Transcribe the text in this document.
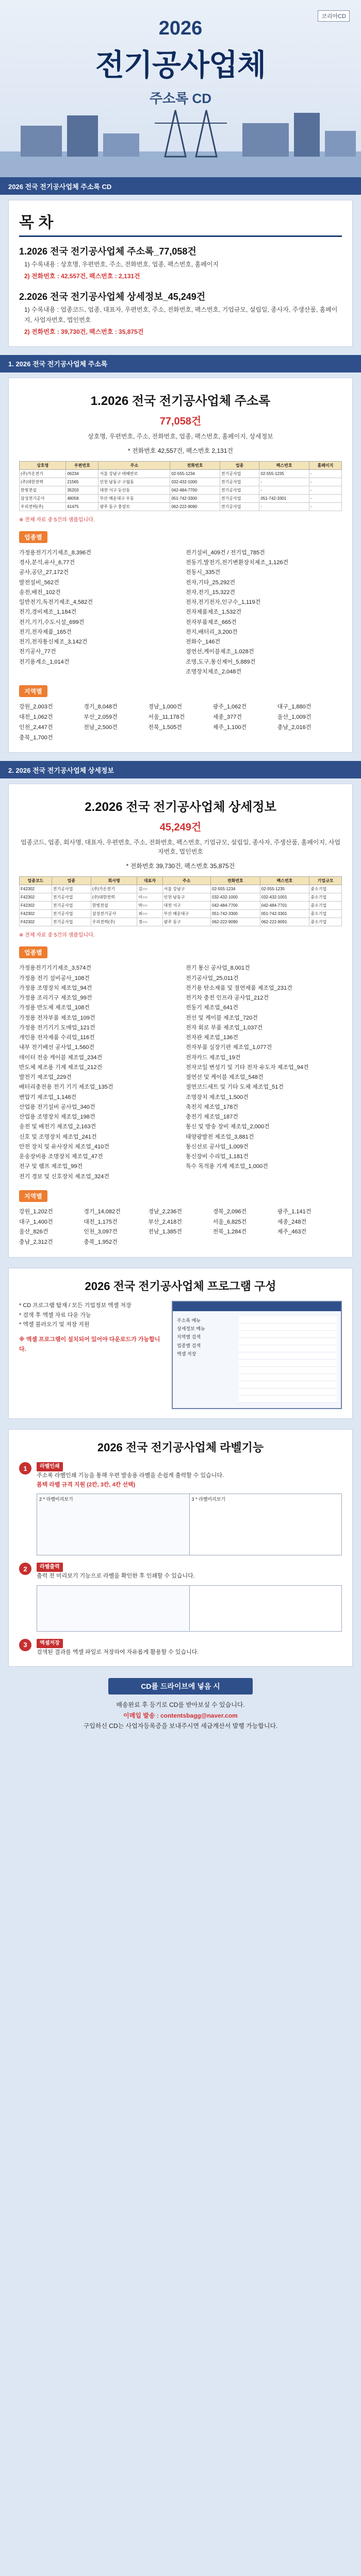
코리아CD
2026
전기공사업체
주소록 CD
2026 전국 전기공사업체 주소록 CD
목 차
1.2026 전국 전기공사업체 주소록_77,058건
1) 수록내용 : 상호명, 우편번호, 주소, 전화번호, 업종, 팩스번호, 홈페이지
2) 전화번호 : 42,557건, 팩스번호 : 2,131건
2.2026 전국 전기공사업체 상세정보_45,249건
1) 수록내용 : 업종코드, 업종, 대표자, 우편번호, 주소, 전화번호, 팩스번호, 기업규모, 설립일, 종사자, 주생산품, 홈페이지, 사업자번호, 법인번호
2) 전화번호 : 39,730건, 팩스번호 : 35,875건
1. 2026 전국 전기공사업체 주소록
1.2026 전국 전기공사업체 주소록
77,058건
상호명, 우편번호, 주소, 전화번호, 업종, 팩스번호, 홈페이지, 상세정보
* 전화번호 42,557건, 팩스번호 2,131건
상호명	우편번호	주소	전화번호	업종	팩스번호	홈페이지
(주)가온전기	06234	서울 강남구 테헤란로	02-555-1234	전기공사업	02-555-1235	-
(주)대한전력	21565	인천 남동구 구월동	032-432-1000	전기공사업	-	-
한빛전설	35203	대전 서구 둔산동	042-484-7700	전기공사업	-	-
삼성전기공사	48058	부산 해운대구 우동	051-742-3300	전기공사업	051-742-3301	-
우리전력(주)	61475	광주 동구 충장로	062-222-9090	전기공사업	-	-
※ 전체 자료 중 5건의 샘플입니다.
업종별
가정용전기기기제조_8,396건
경사,분석,유사_6,77건
공사,공단_27,172건
발전설비_562건
송전,배전_102건
일반전기,독전기제조_4,582건
전기,경비제조_1,184건
전기,기기,수도시설_699건
전기,전자제품_165건
전기,전자통신제조_3,142건
전기공사_77건
전기용계소_1,014건
전기설비_409건 / 전기업_785건
전동기,발전기,전기변환장치제조_1,126건
전동시_335건
전자,기타_25,292건
전자,전기_15,322건
전자,전기전자,인구수_1,119건
전자제품제조_1,532건
전자부품제조_665건
전지,배터리_3,200건
전화수_146건
절연선,케이블제조_1,028건
조명,도구,통신제어_5,889건
조명장치제조_2,048건
지역별
강원_2,003건	경기_8,048건	경남_1,000건	광주_1,062건	대구_1,880건
대전_1,062건	부산_2,059건	서울_11,178건	세종_377건	울산_1,009건
인천_2,447건	전남_2,500건	전북_1,505건	제주_1,100건	충남_2,016건
충북_1,700건
2. 2026 전국 전기공사업체 상세정보
2.2026 전국 전기공사업체 상세정보
45,249건
업종코드, 업종, 회사명, 대표자, 우편번호, 주소, 전화번호, 팩스번호, 기업규모, 설립일, 종사자, 주생산품, 홈페이지, 사업자번호, 법인번호
* 전화번호 39,730건, 팩스번호 35,875건
업종코드	업종	회사명	대표자	주소	전화번호	팩스번호	기업규모
F42302	전기공사업	(주)가온전기	김○○	서울 강남구	02-555-1234	02-555-1235	중소기업
F42302	전기공사업	(주)대한전력	이○○	인천 남동구	032-432-1000	032-432-1001	중소기업
F42302	전기공사업	한빛전설	박○○	대전 서구	042-484-7700	042-484-7701	중소기업
F42302	전기공사업	삼성전기공사	최○○	부산 해운대구	051-742-3300	051-742-3301	중소기업
F42302	전기공사업	우리전력(주)	정○○	광주 동구	062-222-9090	062-222-9091	중소기업
※ 전체 자료 중 5건의 샘플입니다.
업종별
가정용전기기기제조_3,574건
가정용 전기 설비공사_108건
가정용 조명장치 제조업_94건
가정용 조리기구 제조업_99건
가정용 반도체 제조업_108건
가정용 전자부품 제조업_109건
가정용 전기기기 도매업_121건
개인용 전자제품 수리업_116건
내부 전기배선 공사업_1,560건
데이터 전송 케이블 제조업_234건
반도체 제조용 기계 제조업_212건
발전기 제조업_229건
배터리충전용 전기 기기 제조업_135건
변압기 제조업_1,148건
산업용 전기설비 공사업_340건
산업용 조명장치 제조업_198건
송전 및 배전기 제조업_2,163건
신호 및 조명장치 제조업_241건
안전 장치 및 유사장치 제조업_410건
운송장비용 조명장치 제조업_47건
전구 및 램프 제조업_99건
전기 경보 및 신호장치 제조업_324건
전기 통신 공사업_8,001건
전기공사업_25,011건
전기용 탄소제품 및 절연제품 제조업_231건
전기차 충전 인프라 공사업_212건
전동기 제조업_641건
전선 및 케이블 제조업_720건
전자 회로 부품 제조업_1,037건
전자관 제조업_136건
전자부품 실장기판 제조업_1,077건
전자카드 제조업_19건
전자코일 변성기 및 기타 전자 유도자 제조업_94건
절연선 및 케이블 제조업_548건
절연코드세트 및 기타 도체 제조업_51건
조명장치 제조업_1,500건
축전지 제조업_178건
충전기 제조업_187건
통신 및 방송 장비 제조업_2,000건
태양광발전 제조업_3,881건
통신선로 공사업_1,009건
통신장비 수리업_1,181건
특수 목적용 기계 제조업_1,000건
지역별
강원_1,202건	경기_14,082건	경남_2,236건	경북_2,096건	광주_1,141건
대구_1,400건	대전_1,175건	부산_2,418건	서울_6,825건	세종_248건
울산_826건	인천_3,097건	전남_1,385건	전북_1,284건	제주_463건
충남_2,312건	충북_1,952건
2026 전국 전기공사업체 프로그램 구성
* CD 프로그램 탑재 / 모든 기업정보 엑셀 저장
* 검색 후 엑셀 자료 다운 가능
* 엑셀 불러오기 및 저장 지원
※ 엑셀 프로그램이 설치되어 있어야 다운로드가 가능합니다.
주소록 메뉴
상세정보 메뉴
지역별 검색
업종별 검색
엑셀 저장
2026 전국 전기공사업체 라벨기능
1	라벨인쇄
주소록 라벨인쇄 기능을 통해 우편 발송용 라벨을 손쉽게 출력할 수 있습니다.
폼텍 라벨 규격 지원 (2칸, 3칸, 4칸 선택)
2 * 라벨미리보기	3 * 라벨미리보기
2	라벨출력
출력 전 미리보기 기능으로 라벨을 확인한 후 인쇄할 수 있습니다.
3	엑셀저장
검색된 결과를 엑셀 파일로 저장하여 자유롭게 활용할 수 있습니다.
CD를 드라이브에 넣음 시
배송완료 후 등기로 CD를 받아보실 수 있습니다.
이메일 발송 : contentsbagg@naver.com
구입하신 CD는 사업자등록증을 보내주시면 세금계산서 발행 가능합니다.
